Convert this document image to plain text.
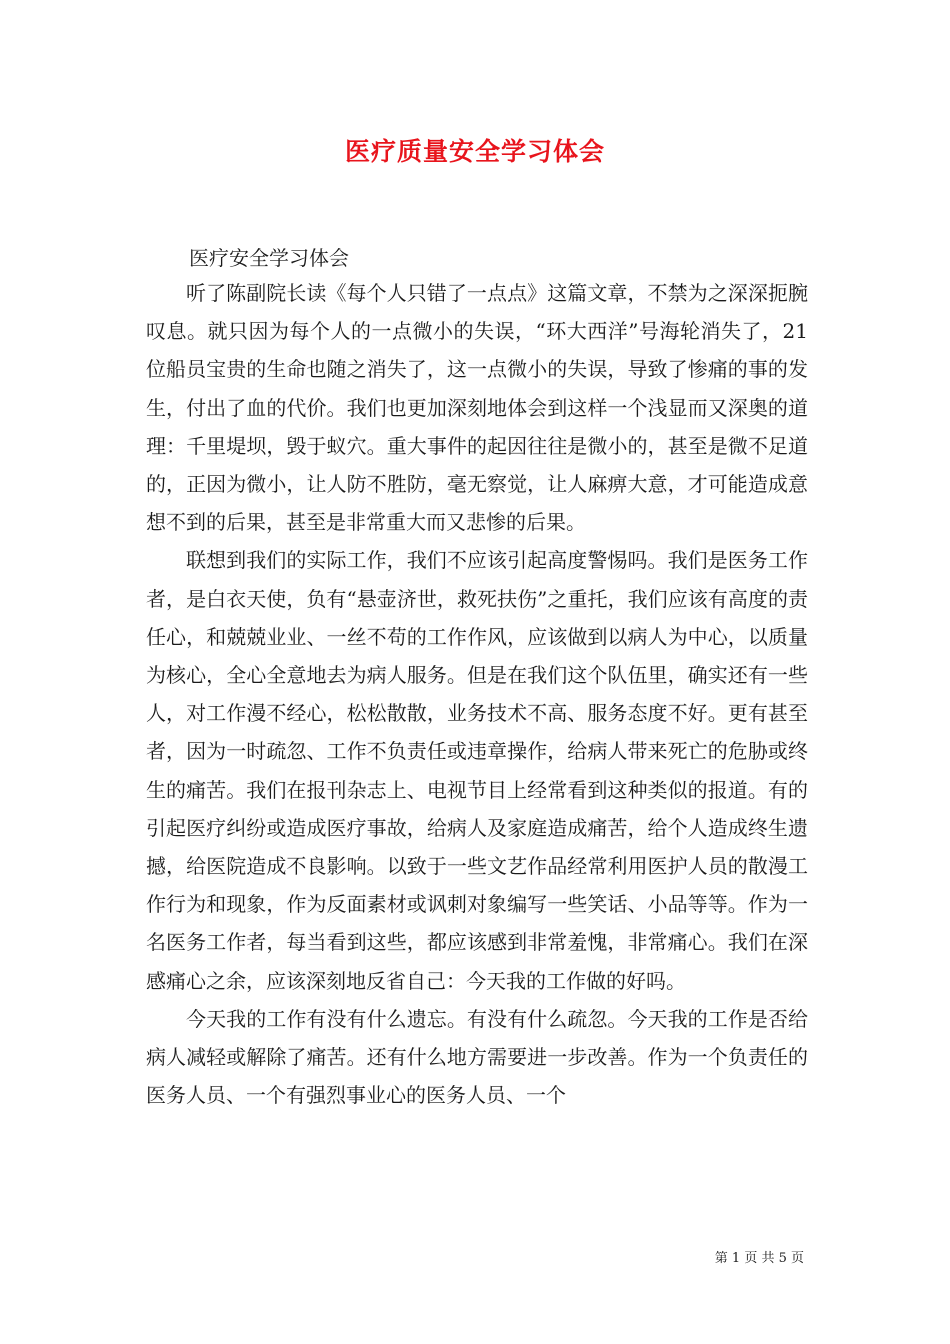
医疗质量安全学习体会
医疗安全学习体会

听了陈副院长读《每个人只错了一点点》这篇文章，不禁为之深深扼腕叹息。就只因为每个人的一点微小的失误，“环大西洋”号海轮消失了，21位船员宝贵的生命也随之消失了，这一点微小的失误，导致了惨痛的事的发生，付出了血的代价。我们也更加深刻地体会到这样一个浅显而又深奥的道理：千里堤坝，毁于蚁穴。重大事件的起因往往是微小的，甚至是微不足道的，正因为微小，让人防不胜防，毫无察觉，让人麻痹大意，才可能造成意想不到的后果，甚至是非常重大而又悲惨的后果。

联想到我们的实际工作，我们不应该引起高度警惕吗。我们是医务工作者，是白衣天使，负有“悬壶济世，救死扶伤”之重托，我们应该有高度的责任心，和兢兢业业、一丝不苟的工作作风，应该做到以病人为中心，以质量为核心，全心全意地去为病人服务。但是在我们这个队伍里，确实还有一些人，对工作漫不经心，松松散散，业务技术不高、服务态度不好。更有甚至者，因为一时疏忽、工作不负责任或违章操作，给病人带来死亡的危胁或终生的痛苦。我们在报刊杂志上、电视节目上经常看到这种类似的报道。有的引起医疗纠纷或造成医疗事故，给病人及家庭造成痛苦，给个人造成终生遗撼，给医院造成不良影响。以致于一些文艺作品经常利用医护人员的散漫工作行为和现象，作为反面素材或讽刺对象编写一些笑话、小品等等。作为一名医务工作者，每当看到这些，都应该感到非常羞愧，非常痛心。我们在深感痛心之余，应该深刻地反省自己：今天我的工作做的好吗。

今天我的工作有没有什么遗忘。有没有什么疏忽。今天我的工作是否给病人减轻或解除了痛苦。还有什么地方需要进一步改善。作为一个负责任的医务人员、一个有强烈事业心的医务人员、一个

第 1 页 共 5 页
